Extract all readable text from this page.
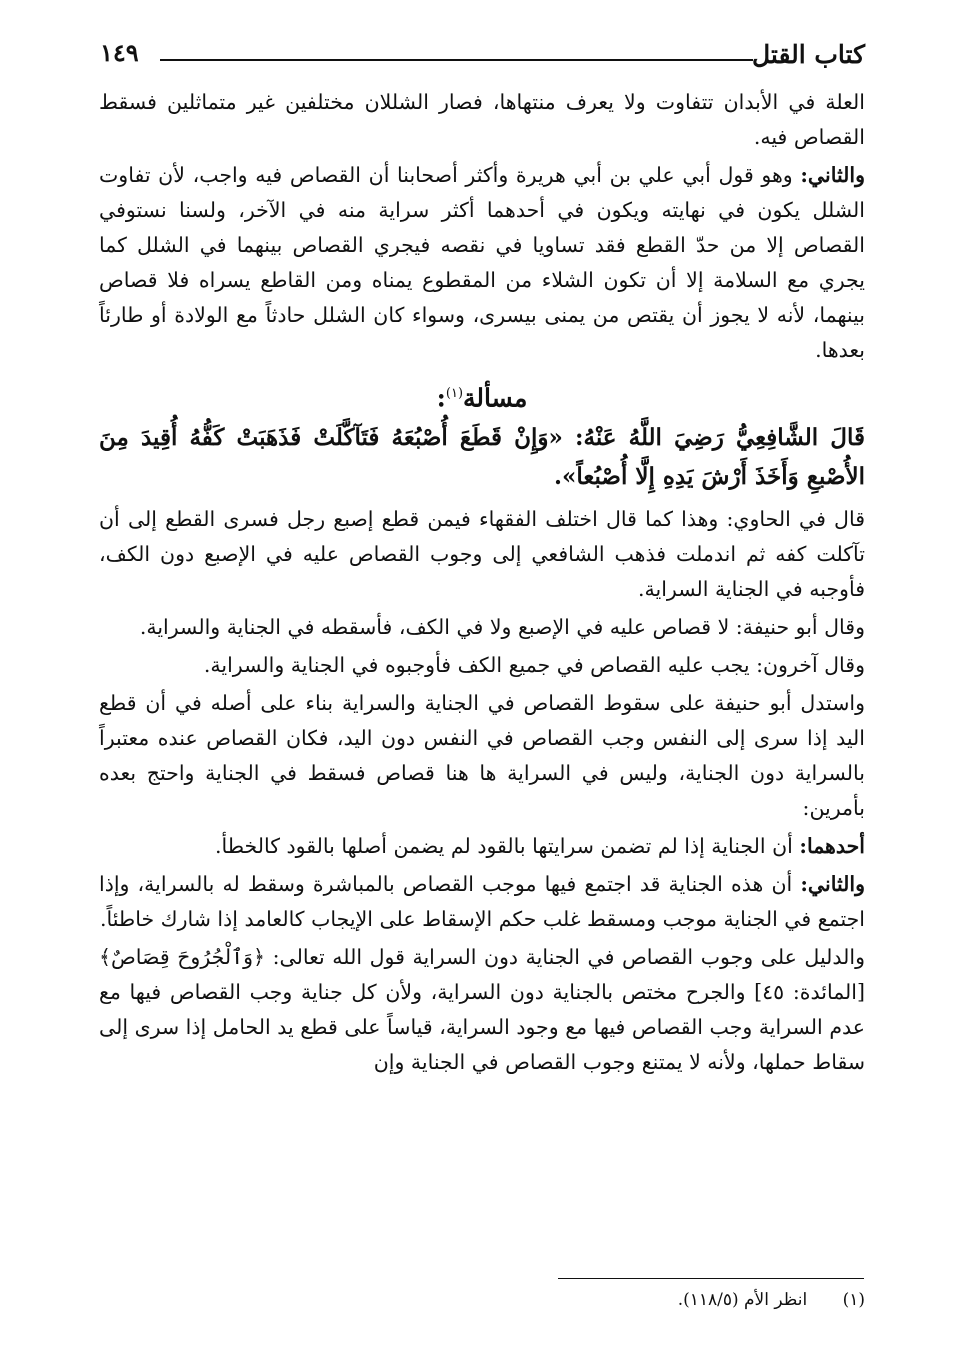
كتاب القتل
١٤٩

العلة في الأبدان تتفاوت ولا يعرف منتهاها، فصار الشللان مختلفين غير متماثلين فسقط القصاص فيه.

والثاني: وهو قول أبي علي بن أبي هريرة وأكثر أصحابنا أن القصاص فيه واجب، لأن تفاوت الشلل يكون في نهايته ويكون في أحدهما أكثر سراية منه في الآخر، ولسنا نستوفي القصاص إلا من حدّ القطع فقد تساويا في نقصه فيجري القصاص بينهما في الشلل كما يجري مع السلامة إلا أن تكون الشلاء من المقطوع يمناه ومن القاطع يسراه فلا قصاص بينهما، لأنه لا يجوز أن يقتص من يمنى بيسرى، وسواء كان الشلل حادثاً مع الولادة أو طارئاً بعدها.

مسألة$^{(١)}$:

قَالَ الشَّافِعِيُّ رَضِيَ اللَّهُ عَنْهُ: «وَإِنْ قَطَعَ أُصْبُعَهُ فَتَآكَّلَتْ فَذَهَبَتْ كَفُّهُ أُقِيدَ مِنَ الأُصْبعِ وَأَخَذَ أَرْشَ يَدِهِ إِلَّا أُصْبُعاً».

قال في الحاوي: وهذا كما قال اختلف الفقهاء فيمن قطع إصبع رجل فسرى القطع إلى أن تآكلت كفه ثم اندملت فذهب الشافعي إلى وجوب القصاص عليه في الإصبع دون الكف، فأوجبه في الجناية السراية.

وقال أبو حنيفة: لا قصاص عليه في الإصبع ولا في الكف، فأسقطه في الجناية والسراية.

وقال آخرون: يجب عليه القصاص في جميع الكف فأوجبوه في الجناية والسراية.

واستدل أبو حنيفة على سقوط القصاص في الجناية والسراية بناء على أصله في أن قطع اليد إذا سرى إلى النفس وجب القصاص في النفس دون اليد، فكان القصاص عنده معتبراً بالسراية دون الجناية، وليس في السراية ها هنا قصاص فسقط في الجناية واحتج بعده بأمرين:

أحدهما: أن الجناية إذا لم تضمن سرايتها بالقود لم يضمن أصلها بالقود كالخطأ.

والثاني: أن هذه الجناية قد اجتمع فيها موجب القصاص بالمباشرة وسقط له بالسراية، وإذا اجتمع في الجناية موجب ومسقط غلب حكم الإسقاط على الإيجاب كالعامد إذا شارك خاطئاً.

والدليل على وجوب القصاص في الجناية دون السراية قول الله تعالى: ﴿وَٱلْجُرُوحَ قِصَاصٌ﴾ [المائدة: ٤٥] والجرح مختص بالجناية دون السراية، ولأن كل جناية وجب القصاص فيها مع عدم السراية وجب القصاص فيها مع وجود السراية، قياساً على قطع يد الحامل إذا سرى إلى سقاط حملها، ولأنه لا يمتنع وجوب القصاص في الجناية وإن

(١) انظر الأم (١١٨/٥).
